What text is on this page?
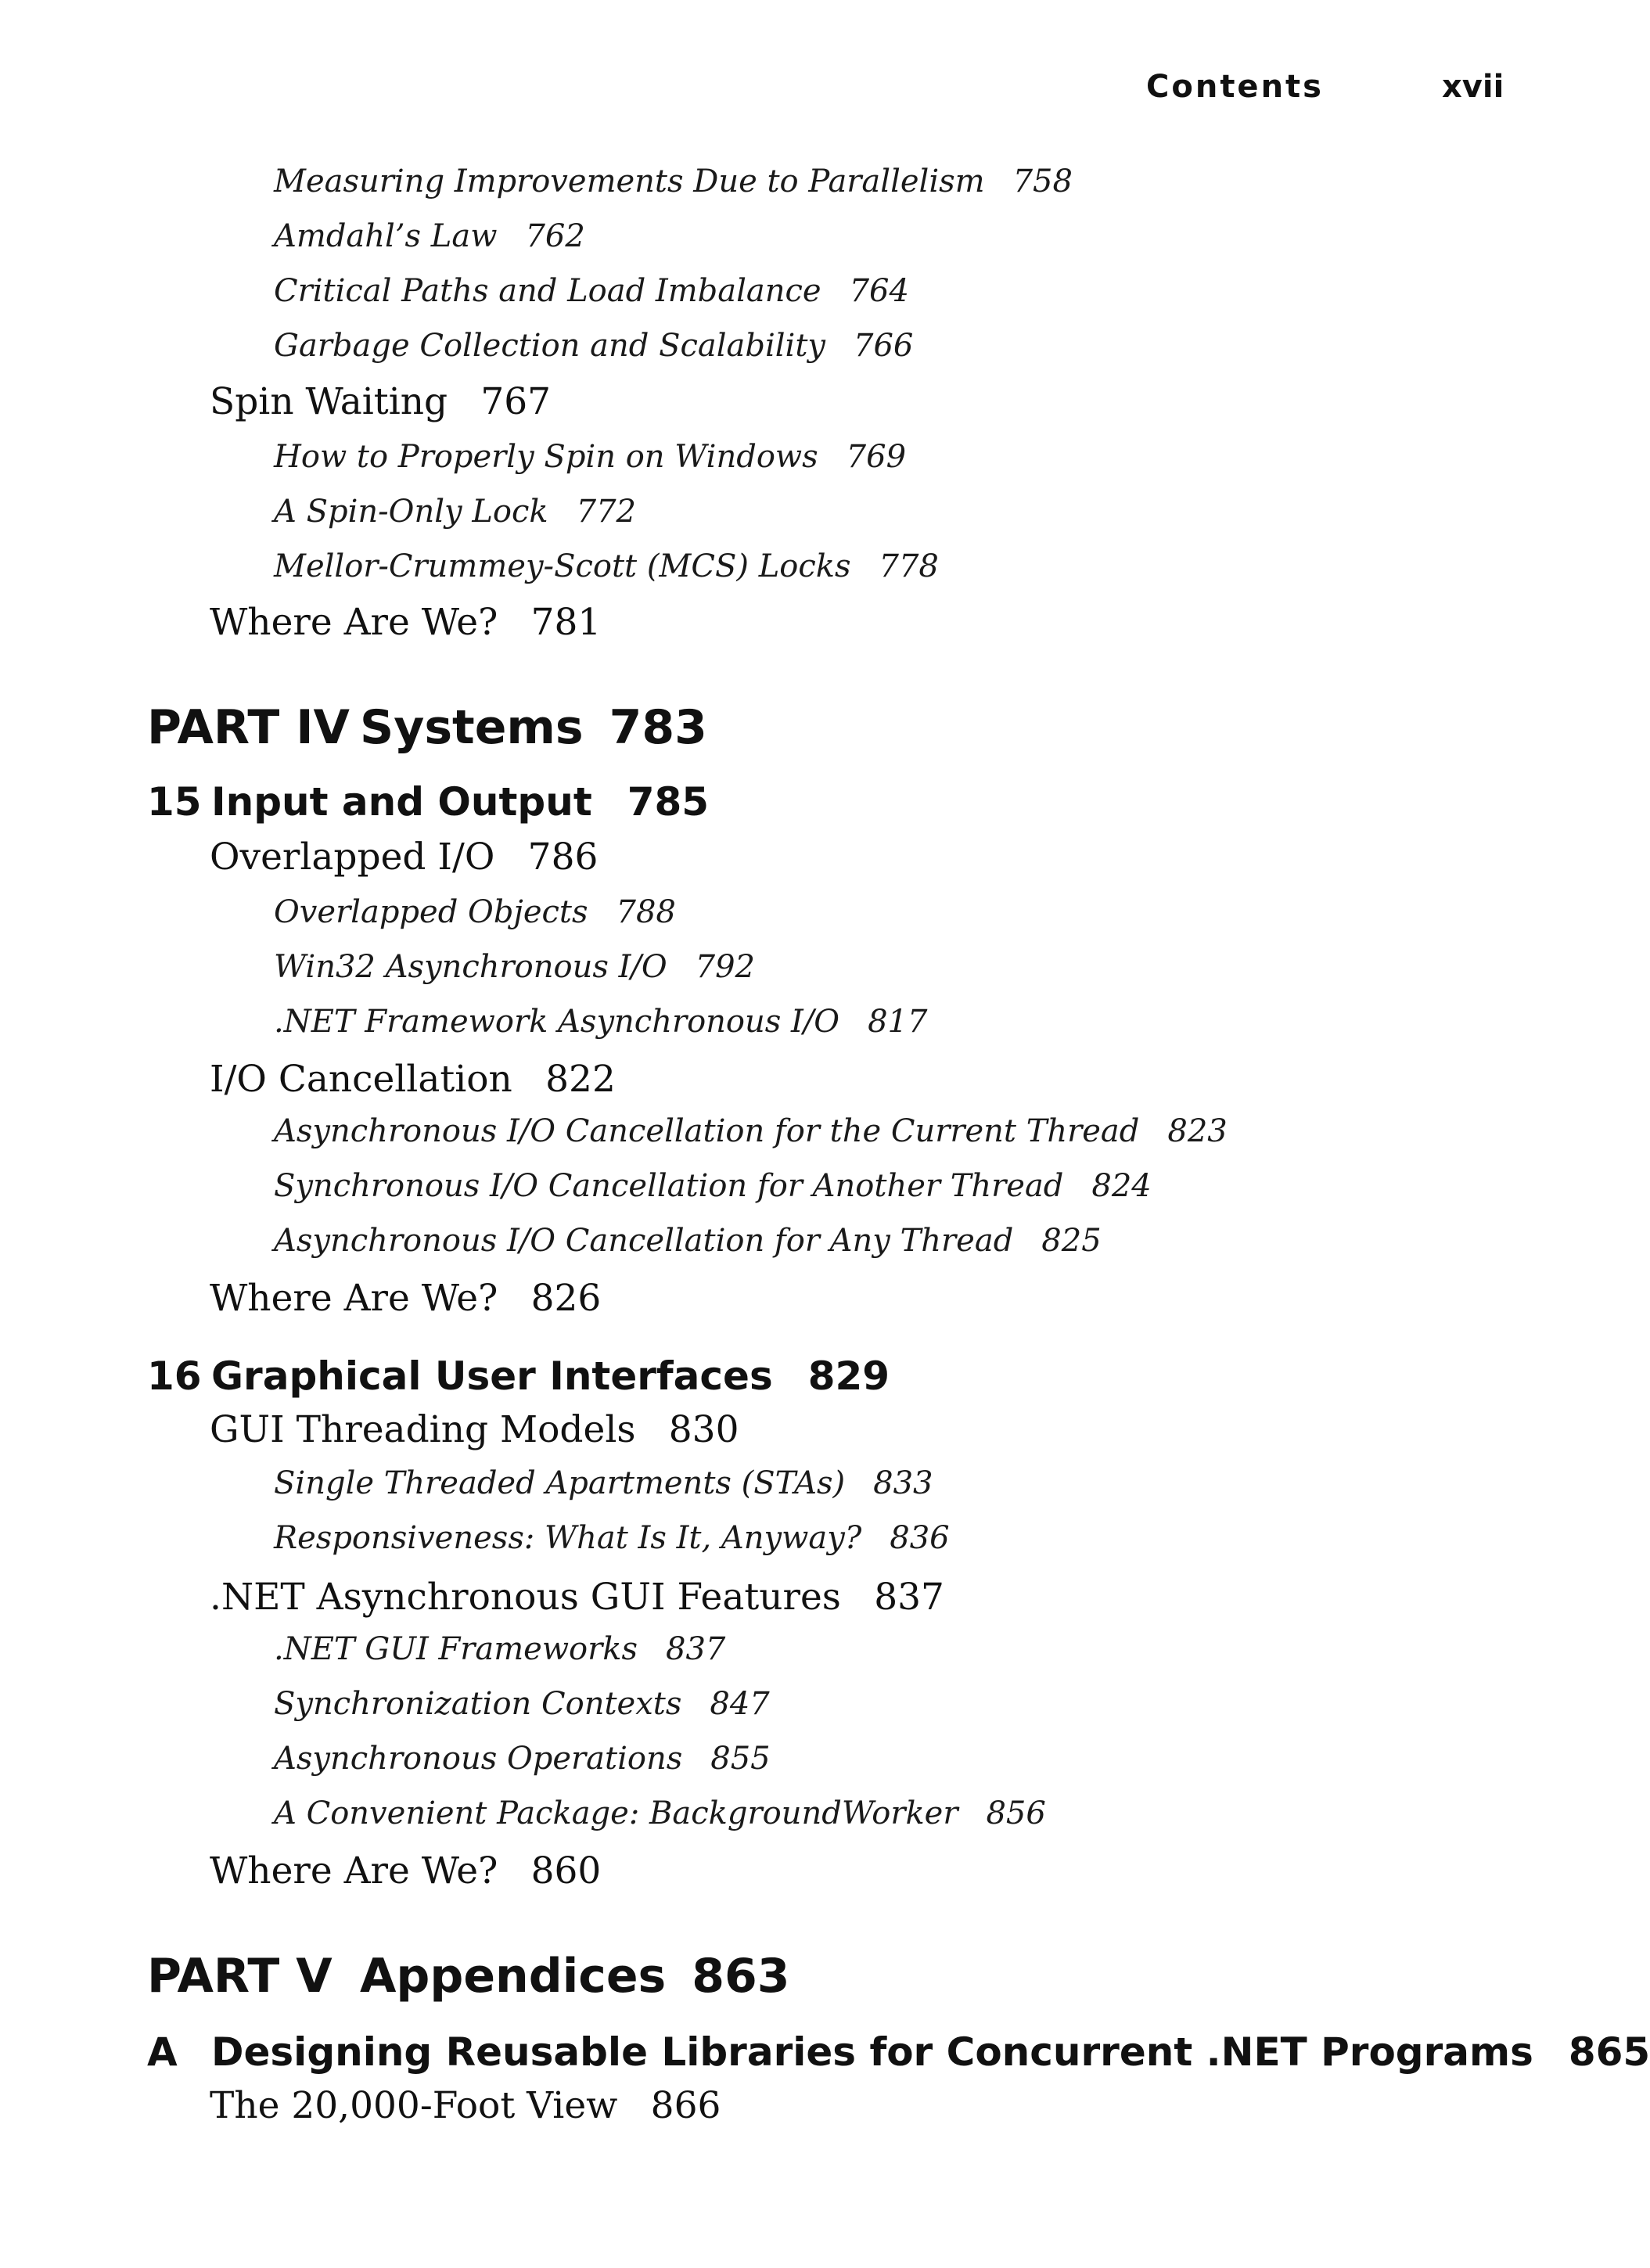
Contents	xvii
Measuring Improvements Due to Parallelism 758
Amdahl’s Law 762
Critical Paths and Load Imbalance 764
Garbage Collection and Scalability 766
Spin Waiting 767
How to Properly Spin on Windows 769
A Spin-Only Lock 772
Mellor-Crummey-Scott (MCS) Locks 778
Where Are We? 781
PART IV Systems 783
15 Input and Output 785
Overlapped I/O 786
Overlapped Objects 788
Win32 Asynchronous I/O 792
.NET Framework Asynchronous I/O 817
I/O Cancellation 822
Asynchronous I/O Cancellation for the Current Thread 823
Synchronous I/O Cancellation for Another Thread 824
Asynchronous I/O Cancellation for Any Thread 825
Where Are We? 826
16 Graphical User Interfaces 829
GUI Threading Models 830
Single Threaded Apartments (STAs) 833
Responsiveness: What Is It, Anyway? 836
.NET Asynchronous GUI Features 837
.NET GUI Frameworks 837
Synchronization Contexts 847
Asynchronous Operations 855
A Convenient Package: BackgroundWorker 856
Where Are We? 860
PART V Appendices 863
A Designing Reusable Libraries for Concurrent .NET Programs 865
The 20,000-Foot View 866
